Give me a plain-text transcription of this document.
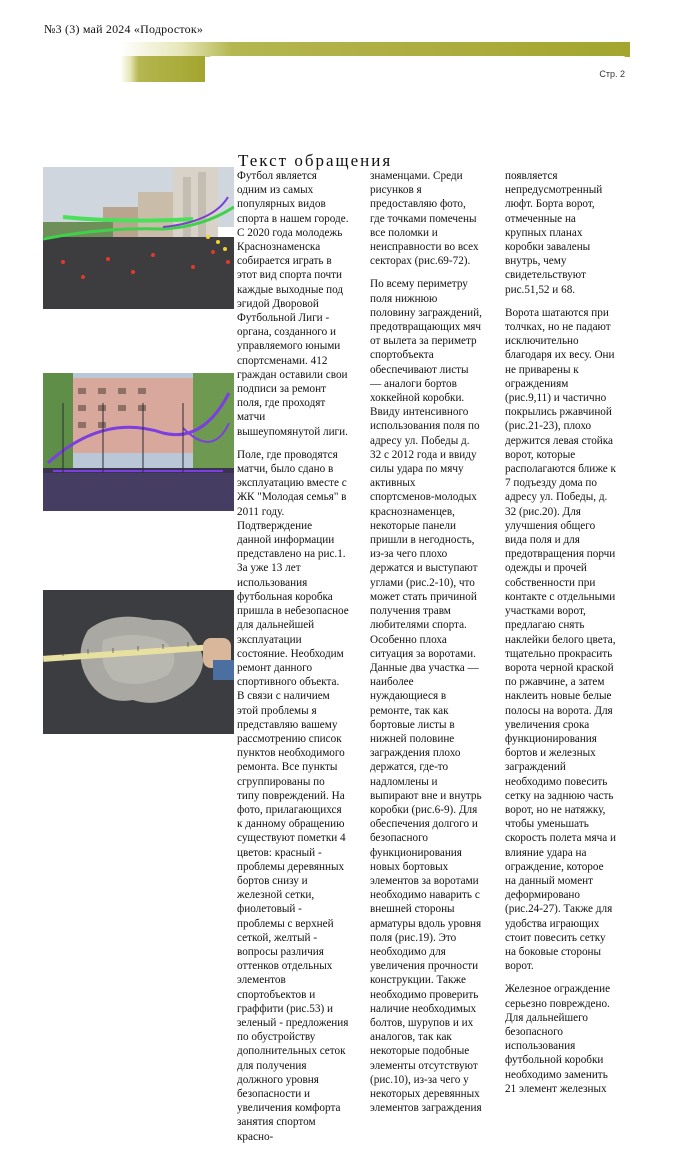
№3 (3) май 2024 «Подросток»
Стр. 2
Текст обращения

Футбол является одним из самых популярных видов спорта в нашем городе. С 2020 года молодежь Краснознаменска собирается играть в этот вид спорта почти каждые выходные под эгидой Дворовой Футбольной Лиги - органа, созданного и управляемого юными спортсменами. 412 граждан оставили свои подписи за ремонт поля, где проходят матчи вышеупомянутой лиги.

Поле, где проводятся матчи, было сдано в эксплуатацию вместе с ЖК "Молодая семья" в 2011 году. Подтверждение данной информации представлено на рис.1. За уже 13 лет использования футбольная коробка пришла в небезопасное для дальнейшей эксплуатации состояние. Необходим ремонт данного спортивного объекта. В связи с наличием этой проблемы я представляю вашему рассмотрению список пунктов необходимого ремонта. Все пункты сгруппированы по типу повреждений. На фото, прилагающихся к данному обращению существуют пометки 4 цветов: красный - проблемы деревянных бортов снизу и железной сетки, фиолетовый - проблемы с верхней сеткой, желтый - вопросы различия оттенков отдельных элементов спортобъектов и граффити (рис.53) и зеленый - предложения по обустройству дополнительных сеток для получения должного уровня безопасности и увеличения комфорта занятия спортом красно-

знаменцами. Среди рисунков я предоставляю фото, где точками помечены все поломки и неисправности во всех секторах (рис.69-72).

По всему периметру поля нижнюю половину заграждений, предотвращающих мяч от вылета за периметр спортобъекта обеспечивают листы — аналоги бортов хоккейной коробки. Ввиду интенсивного использования поля по адресу ул. Победы д. 32 с 2012 года и ввиду силы удара по мячу активных спортсменов-молодых краснознаменцев, некоторые панели пришли в негодность, из-за чего плохо держатся и выступают углами (рис.2-10), что может стать причиной получения травм любителями спорта. Особенно плоха ситуация за воротами. Данные два участка — наиболее нуждающиеся в ремонте, так как бортовые листы в нижней половине заграждения плохо держатся, где-то надломлены и выпирают вне и внутрь коробки (рис.6-9). Для обеспечения долгого и безопасного функционирования новых бортовых элементов за воротами необходимо наварить с внешней стороны арматуры вдоль уровня поля (рис.19). Это необходимо для увеличения прочности конструкции. Также необходимо проверить наличие необходимых болтов, шурупов и их аналогов, так как некоторые подобные элементы отсутствуют (рис.10), из-за чего у некоторых деревянных элементов заграждения

появляется непредусмотренный люфт. Борта ворот, отмеченные на крупных планах коробки завалены внутрь, чему свидетельствуют рис.51,52 и 68.

Ворота шатаются при толчках, но не падают исключительно благодаря их весу. Они не приварены к ограждениям (рис.9,11) и частично покрылись ржавчиной (рис.21-23), плохо держится левая стойка ворот, которые располагаются ближе к 7 подъезду дома по адресу ул. Победы, д. 32 (рис.20). Для улучшения общего вида поля и для предотвращения порчи одежды и прочей собственности при контакте с отдельными участками ворот, предлагаю снять наклейки белого цвета, тщательно прокрасить ворота черной краской по ржавчине, а затем наклеить новые белые полосы на ворота. Для увеличения срока функционирования бортов и железных заграждений необходимо повесить сетку на заднюю часть ворот, но не натяжку, чтобы уменьшать скорость полета мяча и влияние удара на ограждение, которое на данный момент деформировано (рис.24-27). Также для удобства играющих стоит повесить сетку на боковые стороны ворот.

Железное ограждение серьезно повреждено. Для дальнейшего безопасного использования футбольной коробки необходимо заменить 21 элемент железных
